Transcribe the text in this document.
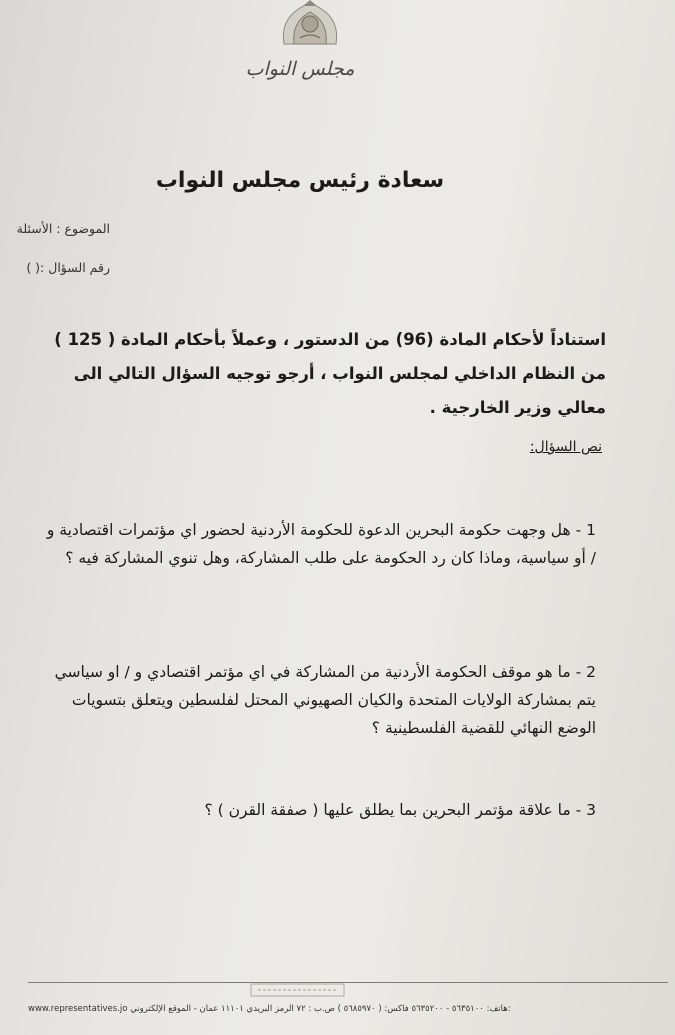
مجلس النواب
سعادة رئيس مجلس النواب
الموضوع : الأسئلة
رقم السؤال :( )
استناداً لأحكام المادة (96) من الدستور ، وعملاً بأحكام المادة ( 125 ) من النظام الداخلي لمجلس النواب ، أرجو توجيه السؤال التالي الى معالي وزير الخارجية .
نص السؤال:
1 - هل وجهت حكومة البحرين الدعوة للحكومة الأردنية لحضور اي مؤتمرات اقتصادية و / أو سياسية، وماذا كان رد الحكومة على طلب المشاركة، وهل تنوي المشاركة فيه ؟
2 - ما هو موقف الحكومة الأردنية من المشاركة في اي مؤتمر اقتصادي و / او سياسي يتم بمشاركة الولايات المتحدة والكيان الصهيوني المحتل لفلسطين ويتعلق بتسويات الوضع النهائي للقضية الفلسطينية ؟
3 - ما علاقة مؤتمر البحرين بما يطلق عليها ( صفقة القرن ) ؟
www.representatives.jo هاتف: ٥٦٣٥١٠٠ - ٥٦٣٥٢٠٠ فاكس: ( ٥٦٨٥٩٧٠ ) ص.ب : ٧٢ الرمز البريدي ١١١٠١ عمان - الموقع الإلكتروني:
